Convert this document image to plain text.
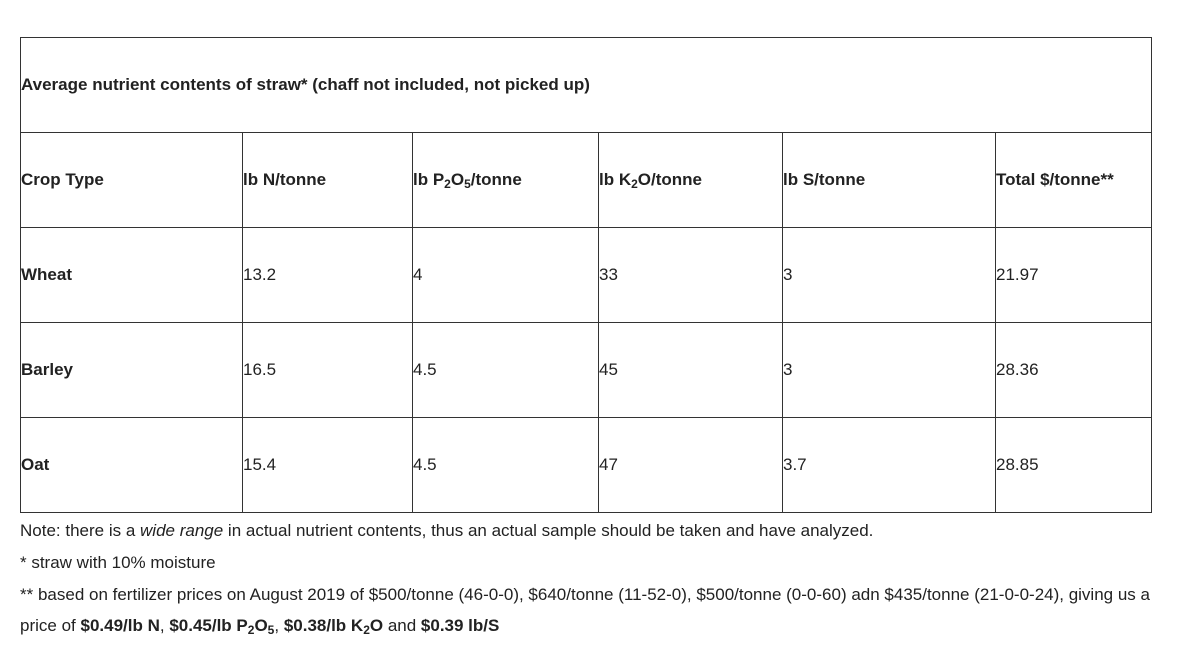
Average nutrient contents of straw* (chaff not included, not picked up)					
Crop Type	lb N/tonne	lb $P_2O_5$/tonne	lb $K_2O$/tonne	lb S/tonne	Total $/tonne**
Wheat	13.2	4	33	3	21.97
Barley	16.5	4.5	45	3	28.36
Oat	15.4	4.5	47	3.7	28.85

Note: there is a wide range in actual nutrient contents, thus an actual sample should be taken and have analyzed.

* straw with 10% moisture

** based on fertilizer prices on August 2019 of $500/tonne (46-0-0), $640/tonne (11-52-0), $500/tonne (0-0-60) adn $435/tonne (21-0-0-24), giving us a price of $0.49/lb N, $0.45/lb $P_2O_5$, $0.38/lb $K_2O$ and $0.39 lb/S
